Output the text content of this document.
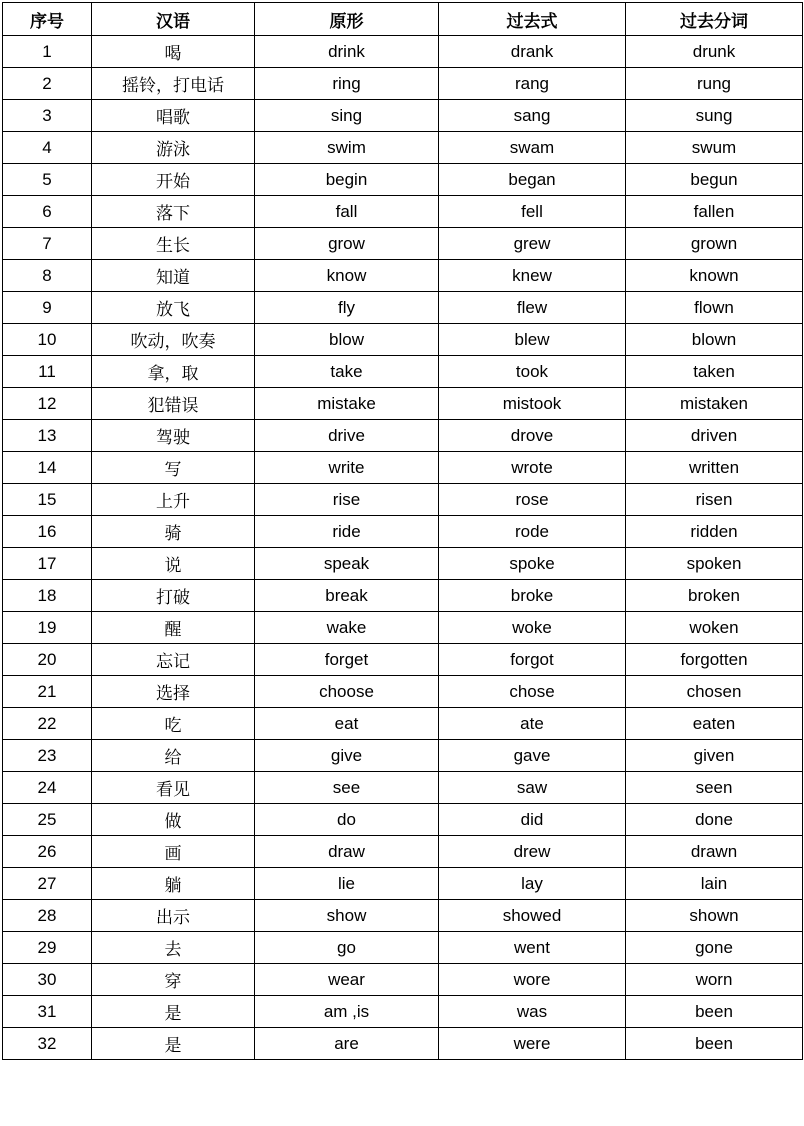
序号	汉语	原形	过去式	过去分词
1	喝	drink	drank	drunk
2	摇铃，打电话	ring	rang	rung
3	唱歌	sing	sang	sung
4	游泳	swim	swam	swum
5	开始	begin	began	begun
6	落下	fall	fell	fallen
7	生长	grow	grew	grown
8	知道	know	knew	known
9	放飞	fly	flew	flown
10	吹动，吹奏	blow	blew	blown
11	拿，取	take	took	taken
12	犯错误	mistake	mistook	mistaken
13	驾驶	drive	drove	driven
14	写	write	wrote	written
15	上升	rise	rose	risen
16	骑	ride	rode	ridden
17	说	speak	spoke	spoken
18	打破	break	broke	broken
19	醒	wake	woke	woken
20	忘记	forget	forgot	forgotten
21	选择	choose	chose	chosen
22	吃	eat	ate	eaten
23	给	give	gave	given
24	看见	see	saw	seen
25	做	do	did	done
26	画	draw	drew	drawn
27	躺	lie	lay	lain
28	出示	show	showed	shown
29	去	go	went	gone
30	穿	wear	wore	worn
31	是	am ,is	was	been
32	是	are	were	been
